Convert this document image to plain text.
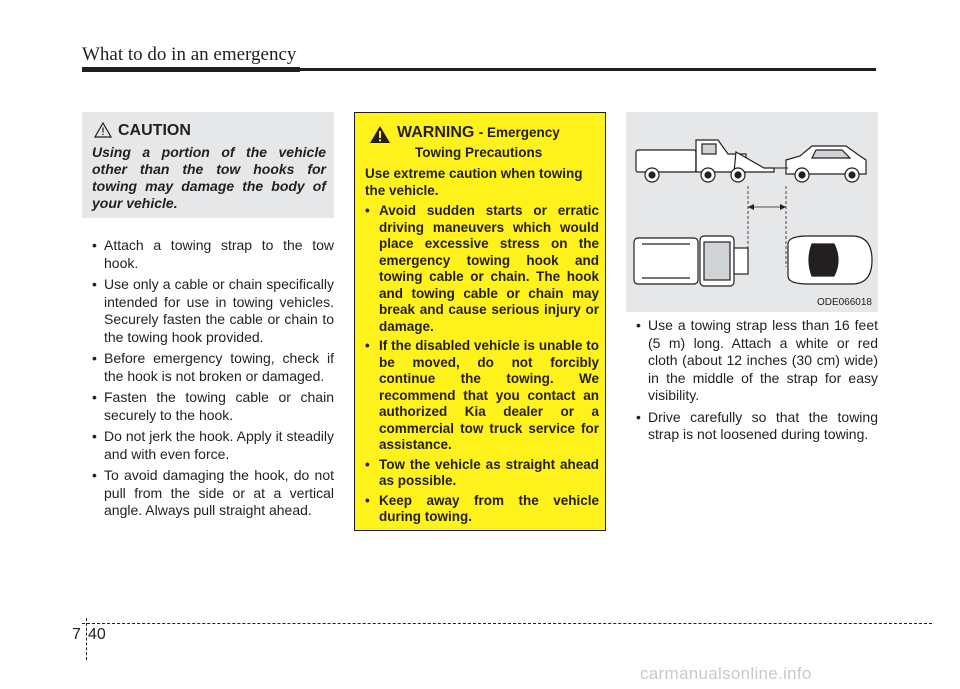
What to do in an emergency
CAUTION
Using a portion of the vehicle other than the tow hooks for towing may damage the body of your vehicle.
• Attach a towing strap to the tow hook.
• Use only a cable or chain specifically intended for use in towing vehicles. Securely fasten the cable or chain to the towing hook provided.
• Before emergency towing, check if the hook is not broken or damaged.
• Fasten the towing cable or chain securely to the hook.
• Do not jerk the hook. Apply it steadily and with even force.
• To avoid damaging the hook, do not pull from the side or at a vertical angle. Always pull straight ahead.
WARNING - Emergency
Towing Precautions
Use extreme caution when towing the vehicle.
• Avoid sudden starts or erratic driving maneuvers which would place excessive stress on the emergency towing hook and towing cable or chain. The hook and towing cable or chain may break and cause serious injury or damage.
• If the disabled vehicle is unable to be moved, do not forcibly continue the towing. We recommend that you contact an authorized Kia dealer or a commercial tow truck service for assistance.
• Tow the vehicle as straight ahead as possible.
• Keep away from the vehicle during towing.
ODE066018
• Use a towing strap less than 16 feet (5 m) long. Attach a white or red cloth (about 12 inches (30 cm) wide) in the middle of the strap for easy visibility.
• Drive carefully so that the towing strap is not loosened during towing.
7 40
carmanualsonline.info
